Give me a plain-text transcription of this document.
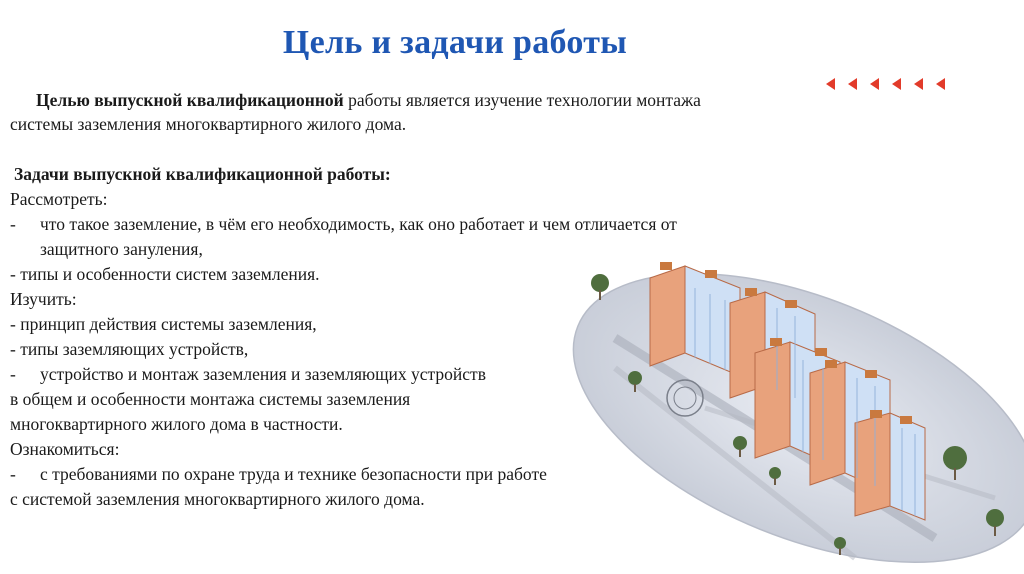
Цель и задачи работы
Целью выпускной квалификационной работы является изучение технологии монтажа
системы заземления многоквартирного жилого дома.
Задачи выпускной квалификационной работы:
Рассмотреть:
- что такое заземление, в чём его необходимость, как оно работает и чем отличается от
защитного зануления,
- типы и особенности систем заземления.
Изучить:
- принцип действия системы заземления,
- типы заземляющих устройств,
- устройство и монтаж заземления и заземляющих устройств
в общем и особенности монтажа системы заземления
многоквартирного жилого дома в частности.
Ознакомиться:
- с требованиями по охране труда и технике безопасности при работе
с системой заземления многоквартирного жилого дома.
